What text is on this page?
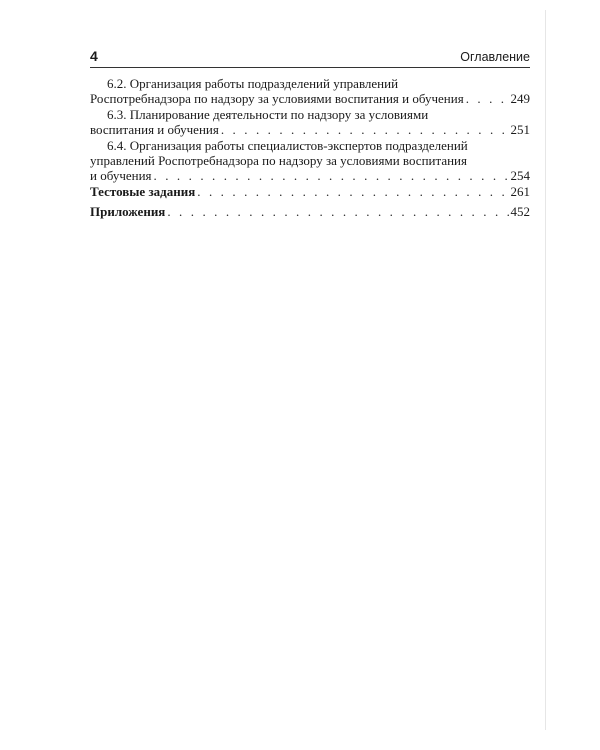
4	Оглавление
6.2.
Организация работы подразделений управлений
Роспотребнадзора по надзору за условиями воспитания и обучения . . .	249
6.3.
Планирование деятельности по надзору за условиями
воспитания и обучения . . .	251
6.4.
Организация работы специалистов-экспертов подразделений
управлений Роспотребнадзора по надзору за условиями воспитания
и обучения . . .	254
Тестовые задания . . .	261
Приложения . . .	452
